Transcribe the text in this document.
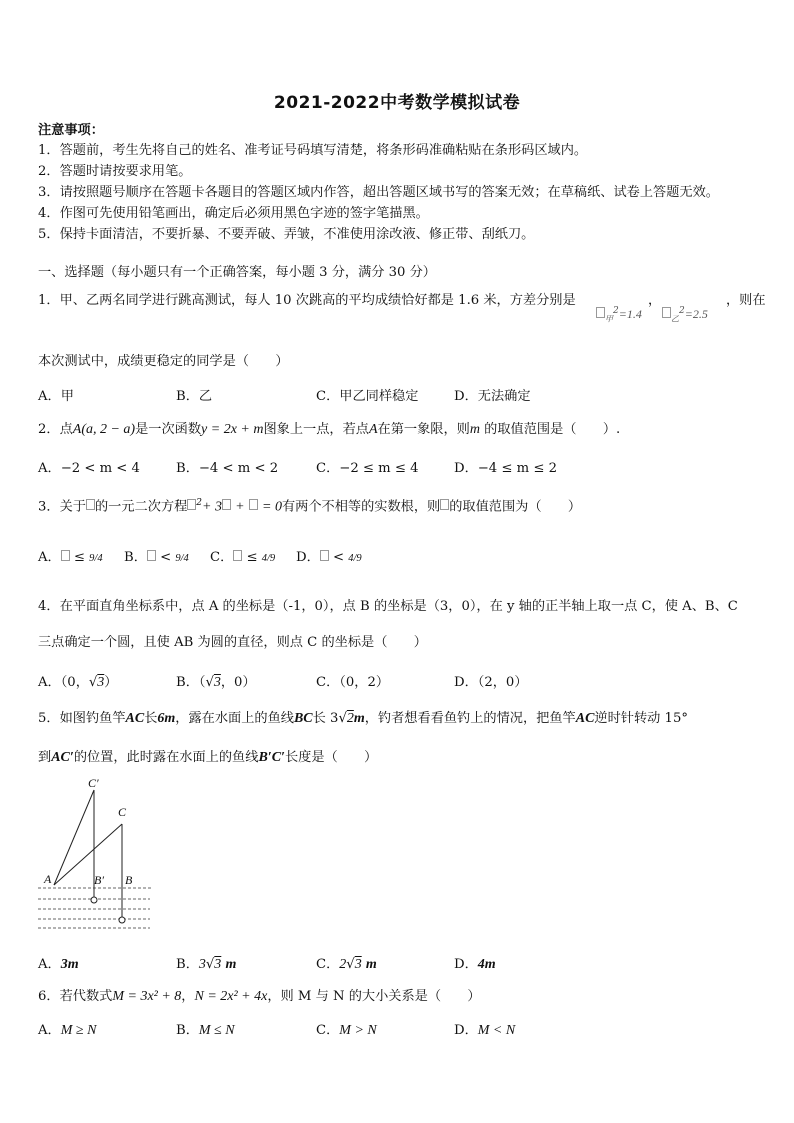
2021-2022中考数学模拟试卷
注意事项：
1．答题前，考生先将自己的姓名、准考证号码填写清楚，将条形码准确粘贴在条形码区域内。
2．答题时请按要求用笔。
3．请按照题号顺序在答题卡各题目的答题区域内作答，超出答题区域书写的答案无效；在草稿纸、试卷上答题无效。
4．作图可先使用铅笔画出，确定后必须用黑色字迹的签字笔描黑。
5．保持卡面清洁，不要折暴、不要弄破、弄皱，不准使用涂改液、修正带、刮纸刀。
一、选择题（每小题只有一个正确答案，每小题 3 分，满分 30 分）
1．甲、乙两名同学进行跳高测试，每人 10 次跳高的平均成绩恰好都是 1.6 米，方差分别是	，	，则在
$_甲^2$=1.4	$_乙^2$=2.5
本次测试中，成绩更稳定的同学是（　　）
A．甲	B．乙	C．甲乙同样稳定	D．无法确定
2．点A(a, 2 − a)是一次函数y = 2x + m图象上一点，若点A在第一象限，则m 的取值范围是（　　）.
A．−2 < m < 4	B．−4 < m < 2	C．−2 ≤ m ≤ 4	D．−4 ≤ m ≤ 2
3．关于 的一元二次方程 $^2$+ 3 + = 0有两个不相等的实数根，则 的取值范围为（　　）
A． ≤ 9/4 B． < 9/4 C． ≤ 4/9 D． < 4/9
4．在平面直角坐标系中，点 A 的坐标是（-1，0），点 B 的坐标是（3，0），在 y 轴的正半轴上取一点 C，使 A、B、C
三点确定一个圆，且使 AB 为圆的直径，则点 C 的坐标是（　　）
A．（0，√3）	B．（√3，0）	C．（0，2）	D．（2，0）
5．如图钓鱼竿AC长6m，露在水面上的鱼线BC长 3√2m，钓者想看看鱼钓上的情况，把鱼竿AC逆时针转动 15°
到AC′的位置，此时露在水面上的鱼线B′C′长度是（　　）
C′
C
A	B′ B
A．3m	B．3√3 m	C．2√3 m	D．4m
6．若代数式M = 3x² + 8，N = 2x² + 4x，则 M 与 N 的大小关系是（　　）
A．M ≥ N	B．M ≤ N	C．M > N	D．M < N
